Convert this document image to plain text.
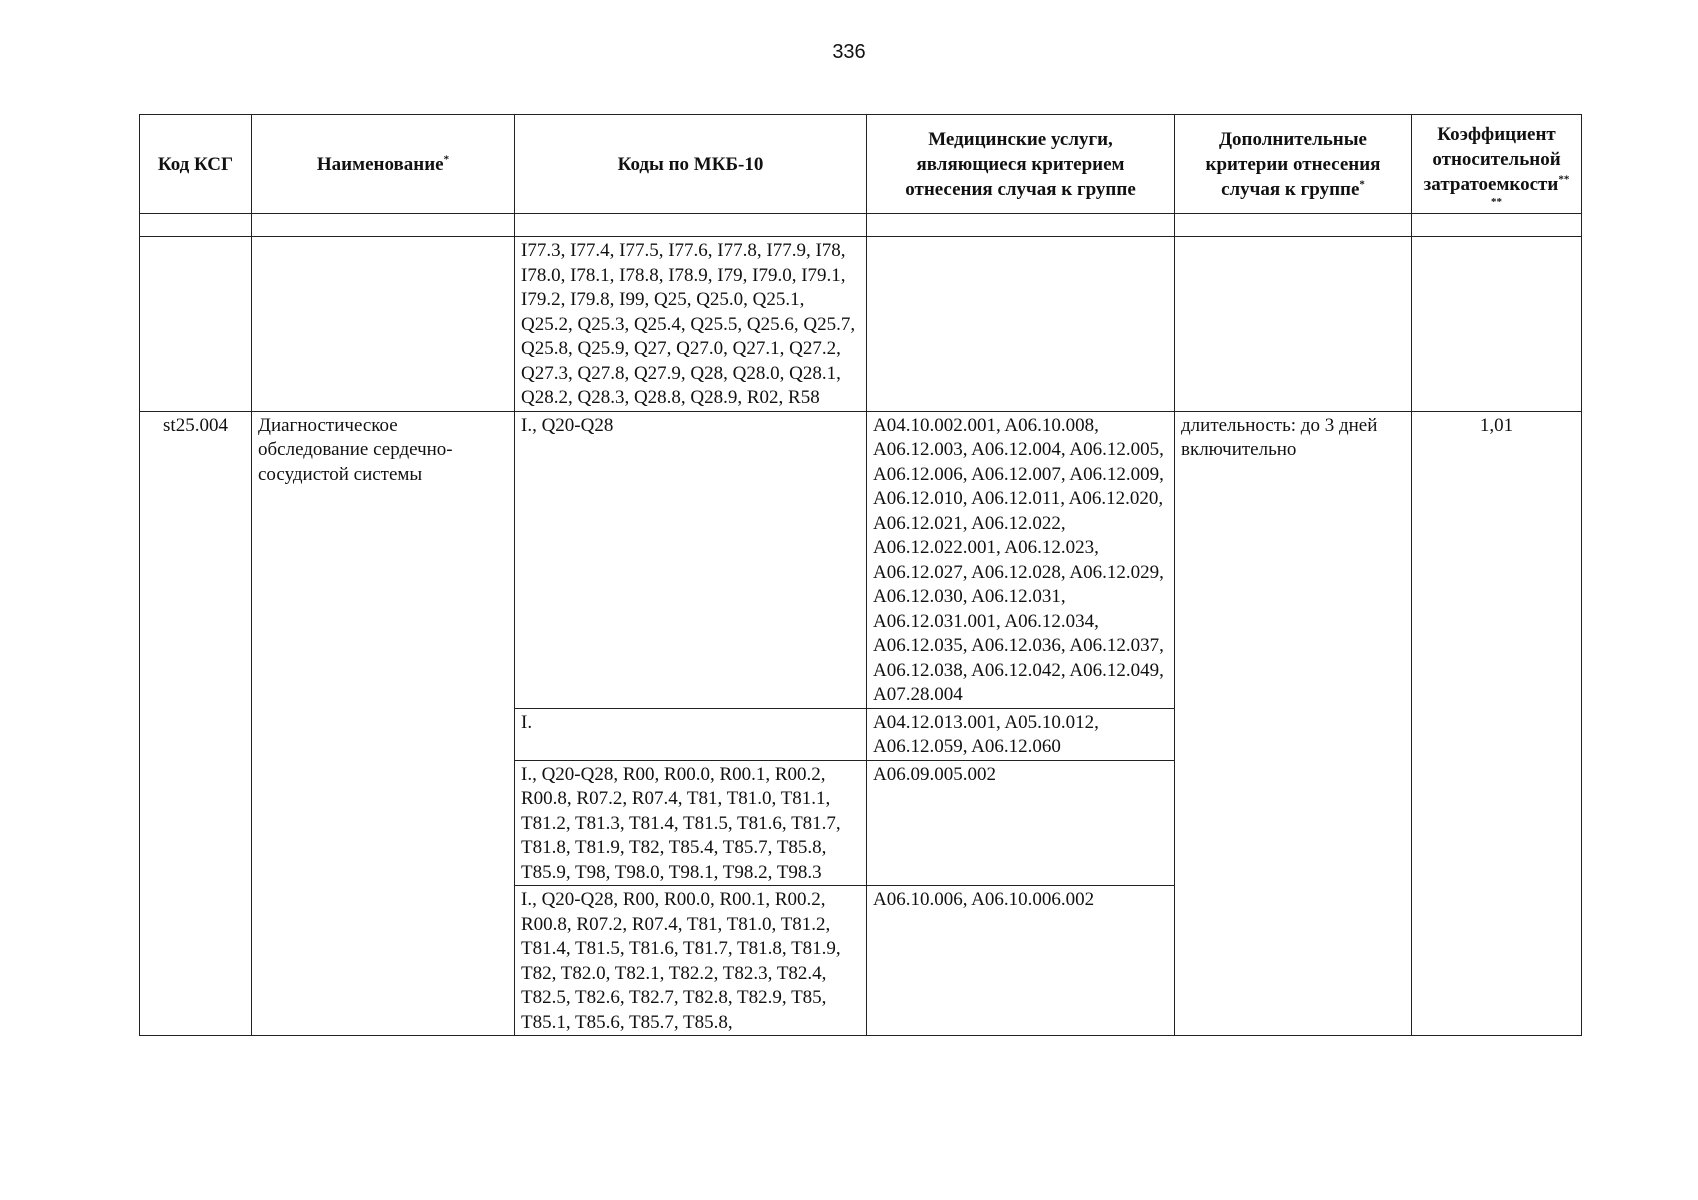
336
Код КСГ	Наименование*	Коды по МКБ-10	Медицинские услуги, являющиеся критерием отнесения случая к группе	Дополнительные критерии отнесения случая к группе*	Коэффициент относительной затратоемкости**
**

		I77.3, I77.4, I77.5, I77.6, I77.8, I77.9, I78, I78.0, I78.1, I78.8, I78.9, I79, I79.0, I79.1, I79.2, I79.8, I99, Q25, Q25.0, Q25.1, Q25.2, Q25.3, Q25.4, Q25.5, Q25.6, Q25.7, Q25.8, Q25.9, Q27, Q27.0, Q27.1, Q27.2, Q27.3, Q27.8, Q27.9, Q28, Q28.0, Q28.1, Q28.2, Q28.3, Q28.8, Q28.9, R02, R58			
st25.004	Диагностическое обследование сердечно-сосудистой системы	I., Q20-Q28	A04.10.002.001, A06.10.008, A06.12.003, A06.12.004, A06.12.005, A06.12.006, A06.12.007, A06.12.009, A06.12.010, A06.12.011, A06.12.020, A06.12.021, A06.12.022, A06.12.022.001, A06.12.023, A06.12.027, A06.12.028, A06.12.029, A06.12.030, A06.12.031, A06.12.031.001, A06.12.034, A06.12.035, A06.12.036, A06.12.037, A06.12.038, A06.12.042, A06.12.049, A07.28.004	длительность: до 3 дней включительно	1,01
		I.	A04.12.013.001, A05.10.012, A06.12.059, A06.12.060		
		I., Q20-Q28, R00, R00.0, R00.1, R00.2, R00.8, R07.2, R07.4, T81, T81.0, T81.1, T81.2, T81.3, T81.4, T81.5, T81.6, T81.7, T81.8, T81.9, T82, T85.4, T85.7, T85.8, T85.9, T98, T98.0, T98.1, T98.2, T98.3	A06.09.005.002		
		I., Q20-Q28, R00, R00.0, R00.1, R00.2, R00.8, R07.2, R07.4, T81, T81.0, T81.2, T81.4, T81.5, T81.6, T81.7, T81.8, T81.9, T82, T82.0, T82.1, T82.2, T82.3, T82.4, T82.5, T82.6, T82.7, T82.8, T82.9, T85, T85.1, T85.6, T85.7, T85.8,	A06.10.006, A06.10.006.002		
